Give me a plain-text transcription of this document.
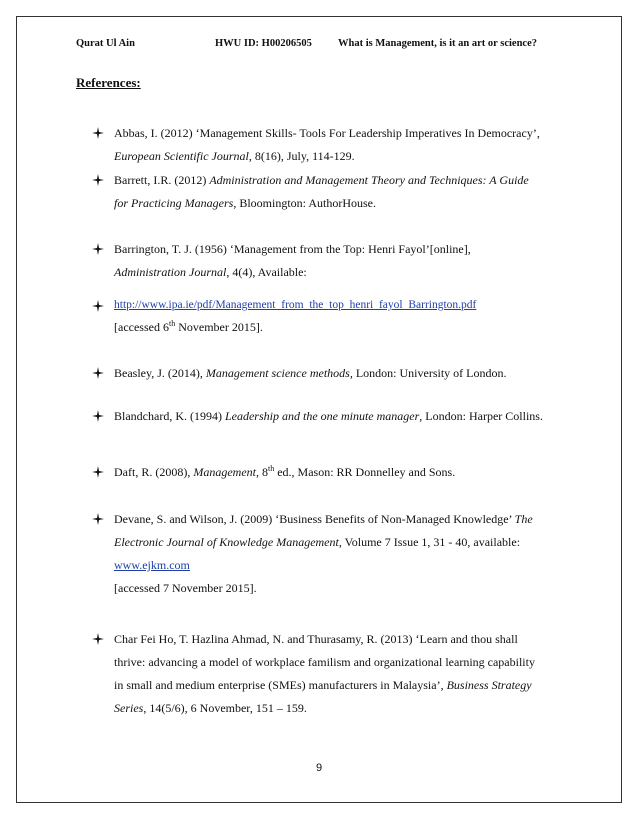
Qurat Ul Ain	HWU ID: H00206505 What is Management, is it an art or science?
References:
Abbas, I. (2012) ‘Management Skills- Tools For Leadership Imperatives In Democracy’,
European Scientific Journal, 8(16), July, 114-129.
Barrett, I.R. (2012) Administration and Management Theory and Techniques: A Guide
for Practicing Managers, Bloomington: AuthorHouse.
Barrington, T. J. (1956) ‘Management from the Top: Henri Fayol’[online],
Administration Journal, 4(4), Available:
http://www.ipa.ie/pdf/Management_from_the_top_henri_fayol_Barrington.pdf
[accessed 6th November 2015].
Beasley, J. (2014), Management science methods, London: University of London.
Blandchard, K. (1994) Leadership and the one minute manager, London: Harper Collins.
Daft, R. (2008), Management, 8th ed., Mason: RR Donnelley and Sons.
Devane, S. and Wilson, J. (2009) ‘Business Benefits of Non-Managed Knowledge’ The
Electronic Journal of Knowledge Management, Volume 7 Issue 1, 31 - 40, available:
www.ejkm.com
[accessed 7 November 2015].
Char Fei Ho, T. Hazlina Ahmad, N. and Thurasamy, R. (2013) ‘Learn and thou shall
thrive: advancing a model of workplace familism and organizational learning capability
in small and medium enterprise (SMEs) manufacturers in Malaysia’, Business Strategy
Series, 14(5/6), 6 November, 151 – 159.
9
